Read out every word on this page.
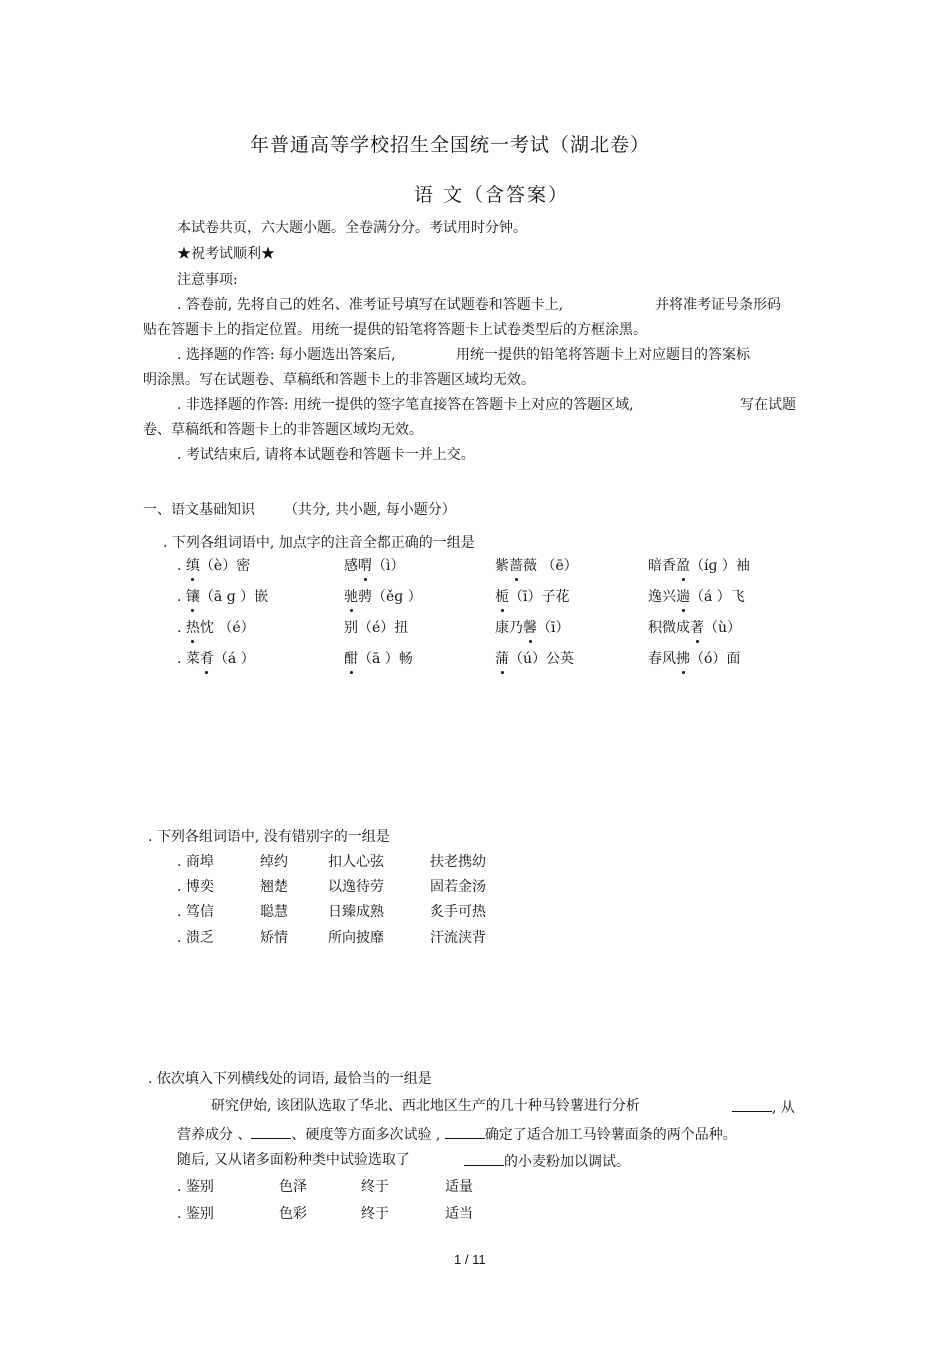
年普通高等学校招生全国统一考试（湖北卷）
语 文（含答案）
本试卷共页，六大题小题。全卷满分分。考试用时分钟。
★祝考试顺利★
注意事项:
. 答卷前, 先将自己的姓名、准考证号填写在试题卷和答题卡上,	并将准考证号条形码
贴在答题卡上的指定位置。用统一提供的铅笔将答题卡上试卷类型后的方框涂黑。
. 选择题的作答: 每小题选出答案后,	用统一提供的铅笔将答题卡上对应题目的答案标
明涂黑。写在试题卷、草稿纸和答题卡上的非答题区域均无效。
. 非选择题的作答: 用统一提供的签字笔直接答在答题卡上对应的答题区域,	写在试题
卷、草稿纸和答题卡上的非答题区域均无效。
. 考试结束后, 请将本试题卷和答题卡一并上交。
一、语文基础知识 （共分, 共小题, 每小题分）
. 下列各组词语中, 加点字的注音全都正确的一组是
. 缜（è）密	感喟（ì）	紫蔷薇 （ē）	暗香盈（íɡ ）袖
. 镶（ā ɡ ）嵌	驰骋（ěɡ ）	栀（ī）子花	逸兴遄（á ）飞
. 热忱 （é）	别（é）扭	康乃馨（ī）	积微成著（ù）
. 菜肴（á ）	酣（ā ）畅	蒲（ú）公英	春风拂（ó）面
. 下列各组词语中, 没有错别字的一组是
. 商埠	绰约	扣人心弦	扶老携幼
. 博奕	翘楚	以逸待劳	固若金汤
. 笃信	聪慧	日臻成熟	炙手可热
. 溃乏	矫情	所向披靡	汗流浃背
. 依次填入下列横线处的词语, 最恰当的一组是
研究伊始, 该团队选取了华北、西北地区生产的几十种马铃薯进行分析	, 从
营养成分 、	、硬度等方面多次试验 ,	确定了适合加工马铃薯面条的两个品种。
随后, 又从诸多面粉种类中试验选取了	的小麦粉加以调试。
. 鉴别	色泽	终于	适量
. 鉴别	色彩	终于	适当
1 / 11
